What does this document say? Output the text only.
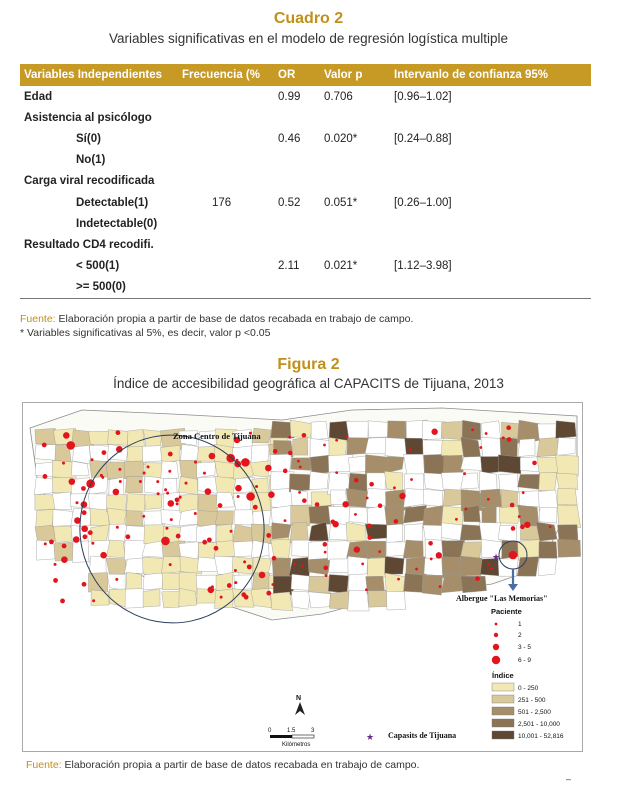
Cuadro 2
Variables significativas en el modelo de regresión logística multiple
Variables Independientes	Frecuencia (%	OR	Valor p	Intervanlo de confianza 95%
Edad		0.99	0.706	[0.96–1.02]
Asistencia al psicólogo				
Sí(0)		0.46	0.020*	[0.24–0.88]
No(1)				
Carga viral recodificada				
Detectable(1)	176	0.52	0.051*	[0.26–1.00]
Indetectable(0)				
Resultado CD4 recodifi.				
< 500(1)		2.11	0.021*	[1.12–3.98]
>= 500(0)				
Fuente: Elaboración propia a partir de base de datos recabada en trabajo de campo.
* Variables significativas al 5%, es decir, valor p <0.05
Figura 2
Índice de accesibilidad geográfica al CAPACITS de Tijuana, 2013
Zona Centro de Tijuana
Albergue "Las Memorias"
★
N
0	1.5	3
Kilómetros
★ Capasits de Tijuana
Paciente
1
2
3 - 5
6 - 9
Índice
0 - 250
251 - 500
501 - 2,500
2,501 - 10,000
10,001 - 52,816
Fuente: Elaboración propia a partir de base de datos recabada en trabajo de campo.
–
